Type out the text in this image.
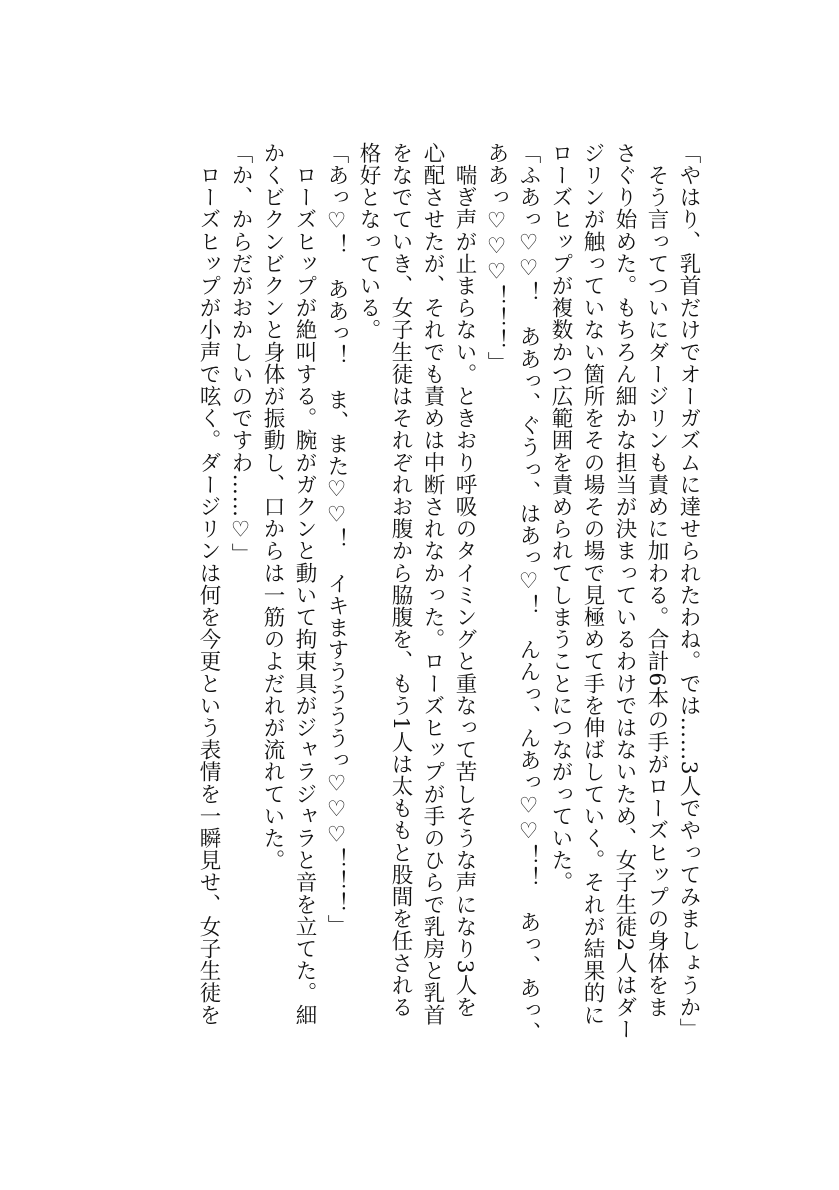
「やはり、乳首だけでオーガズムに達せられたわね。では……3人でやってみましょうか」

　そう言ってついにダージリンも責めに加わる。合計6本の手がローズヒップの身体をま

さぐり始めた。もちろん細かな担当が決まっているわけではないため、女子生徒2人はダー

ジリンが触っていない箇所をその場その場で見極めて手を伸ばしていく。それが結果的に

ローズヒップが複数かつ広範囲を責められてしまうことにつながっていた。

「ふあっ♡♡！　ああっ、ぐうっ、はあっ♡！　んんっ、んあっ♡♡！！　あっ、あっ、

ああっ♡♡♡！！！」

　喘ぎ声が止まらない。ときおり呼吸のタイミングと重なって苦しそうな声になり3人を

心配させたが、それでも責めは中断されなかった。ローズヒップが手のひらで乳房と乳首

をなでていき、女子生徒はそれぞれお腹から脇腹を、もう1人は太ももと股間を任される

格好となっている。

「あっ♡！　ああっ！　ま、また♡♡！　イキますううううっ♡♡♡！！！」

　ローズヒップが絶叫する。腕がガクンと動いて拘束具がジャラジャラと音を立てた。細

かくビクンビクンと身体が振動し、口からは一筋のよだれが流れていた。

「か、からだがおかしいのですわ……♡」

　ローズヒップが小声で呟く。ダージリンは何を今更という表情を一瞬見せ、女子生徒を
